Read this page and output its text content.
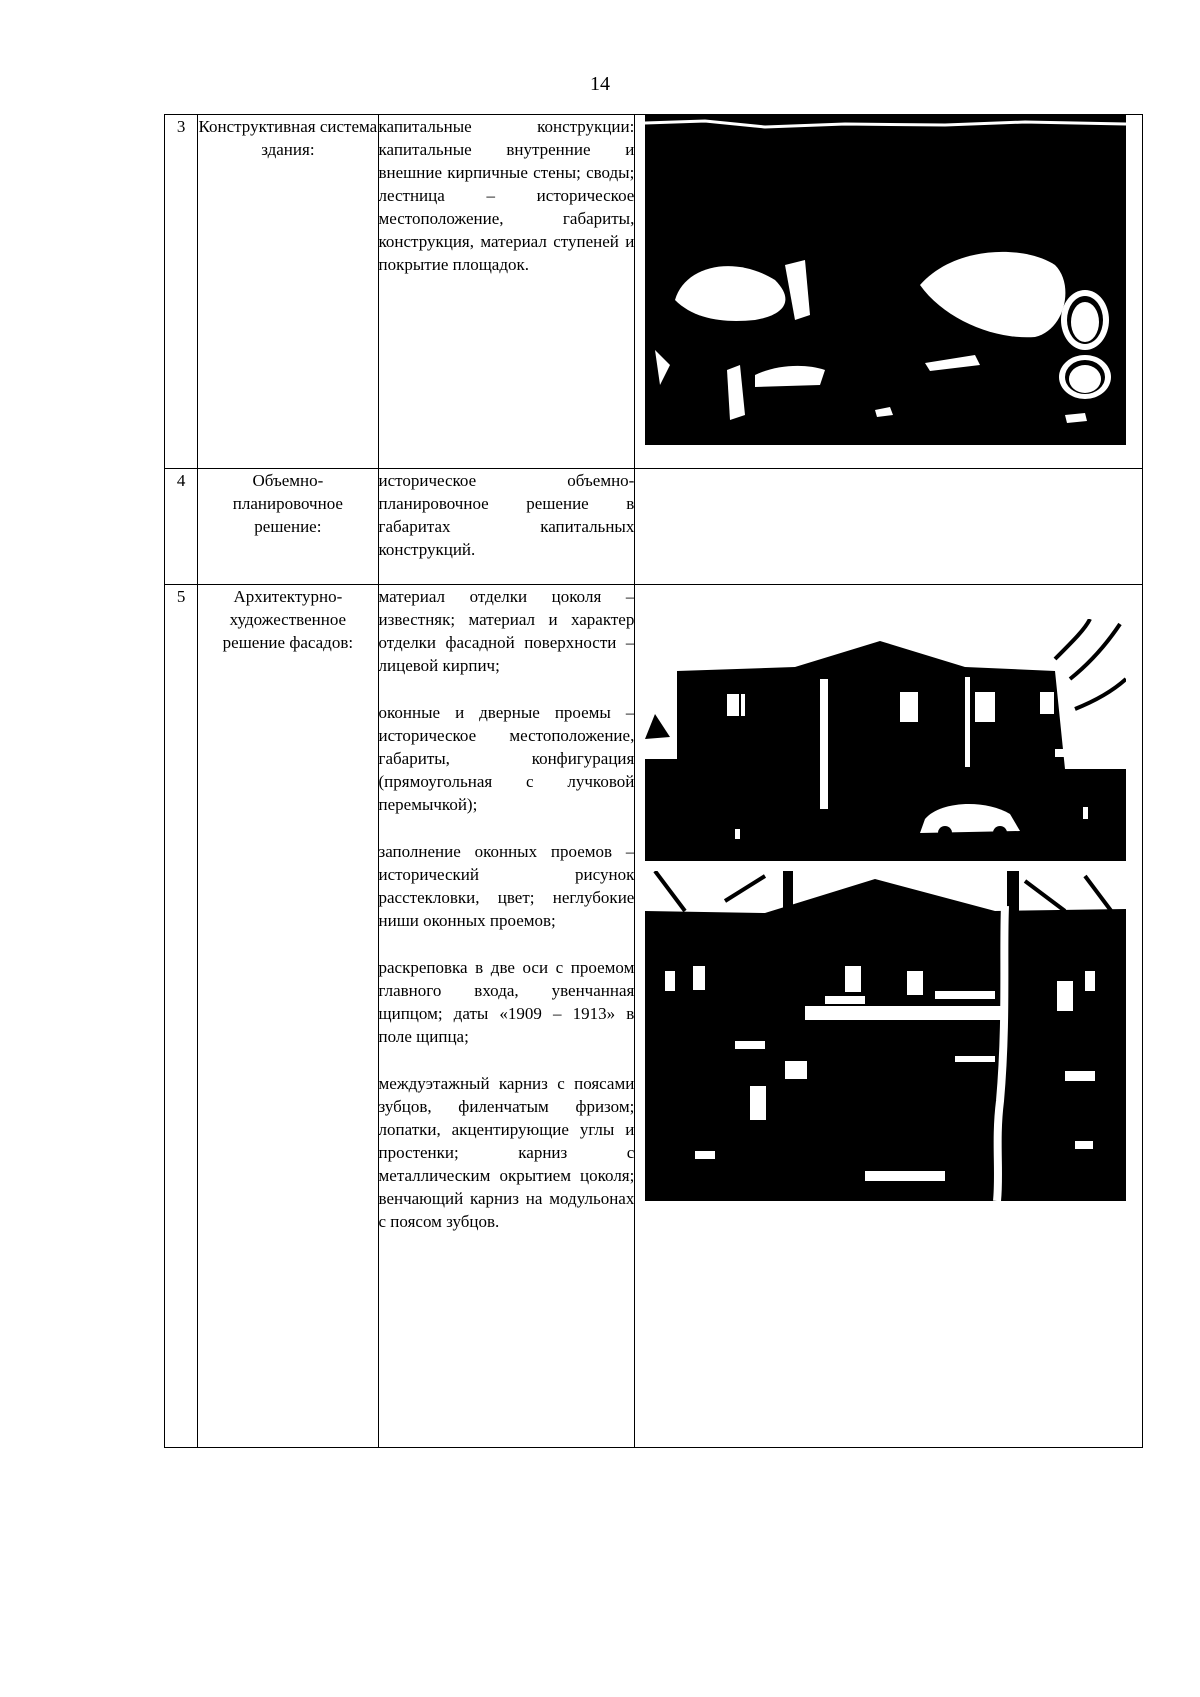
14
3	Конструктивная система здания:	капитальные конструкции: капитальные внутренние и внешние кирпичные стены; своды; лестница – историческое местоположение, габариты, конструкция, материал ступеней и покрытие площадок.

4	Объемно-планировочное решение:	историческое объемно-планировочное решение в габаритах капитальных конструкций.	

5	Архитектурно-художественное решение фасадов:	материал отделки цоколя – известняк; материал и характер отделки фасадной поверхности – лицевой кирпич;

оконные и дверные проемы – историческое местоположение, габариты, конфигурация (прямоугольная с лучковой перемычкой);

заполнение оконных проемов – исторический рисунок расстекловки, цвет; неглубокие ниши оконных проемов;

раскреповка в две оси с проемом главного входа, увенчанная щипцом; даты «1909 – 1913» в поле щипца;

междуэтажный карниз с поясами зубцов, филенчатым фризом; лопатки, акцентирующие углы и простенки; карниз с металлическим окрытием цоколя; венчающий карниз на модульонах с поясом зубцов.
